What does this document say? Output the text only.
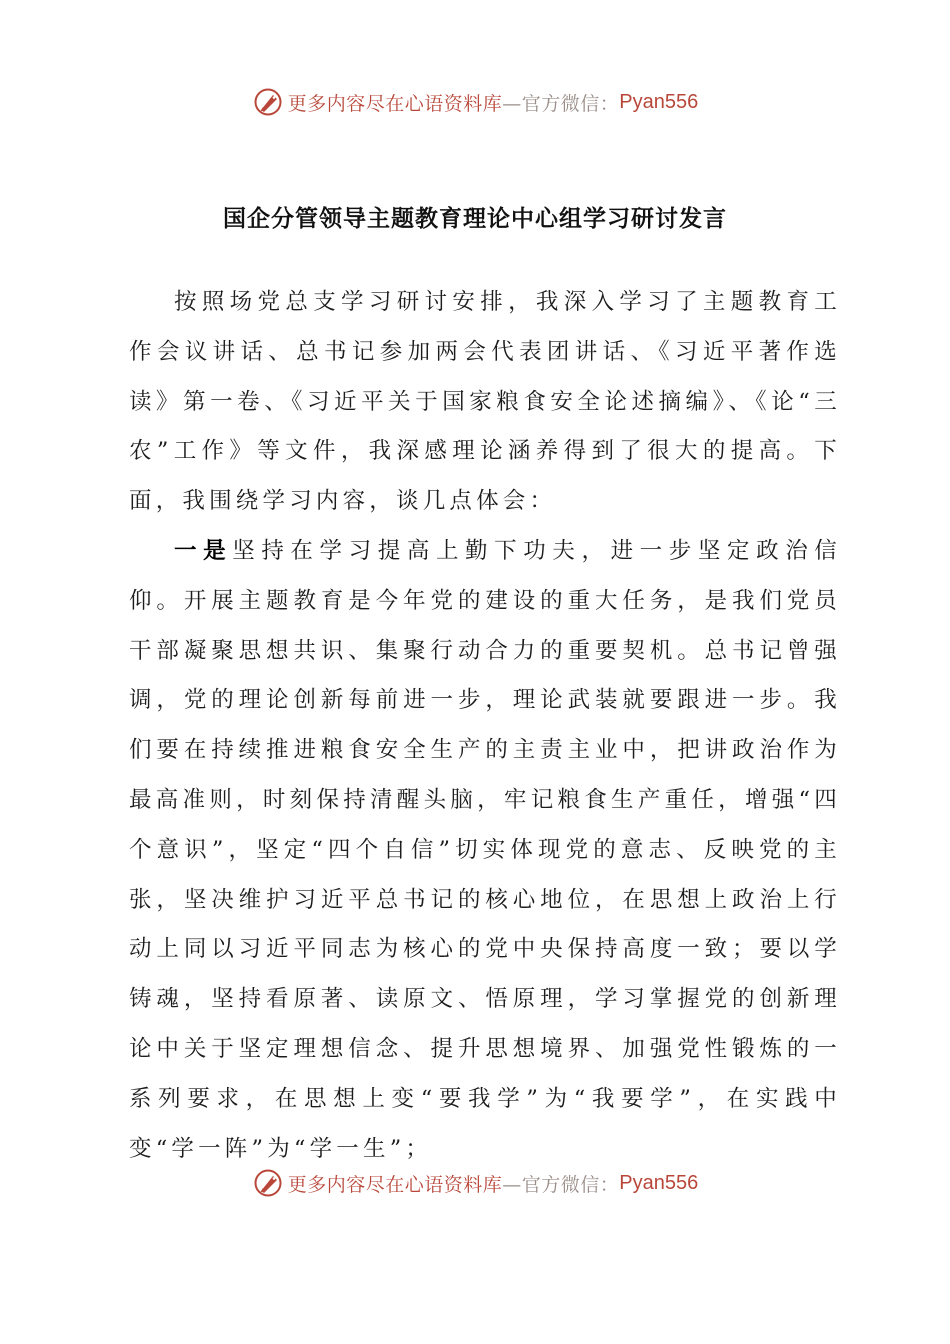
更多内容尽在心语资料库 —官方微信： Pyan556
国企分管领导主题教育理论中心组学习研讨发言

按照场党总支学习研讨安排，我深入学习了主题教育工作会议讲话、总书记参加两会代表团讲话、《习近平著作选读》第一卷、《习近平关于国家粮食安全论述摘编》、《论“三农”工作》等文件，我深感理论涵养得到了很大的提高。下面，我围绕学习内容，谈几点体会：

一是坚持在学习提高上勤下功夫，进一步坚定政治信仰。开展主题教育是今年党的建设的重大任务，是我们党员干部凝聚思想共识、集聚行动合力的重要契机。总书记曾强调，党的理论创新每前进一步，理论武装就要跟进一步。我们要在持续推进粮食安全生产的主责主业中，把讲政治作为最高准则，时刻保持清醒头脑，牢记粮食生产重任，增强“四个意识”，坚定“四个自信”切实体现党的意志、反映党的主张，坚决维护习近平总书记的核心地位，在思想上政治上行动上同以习近平同志为核心的党中央保持高度一致；要以学铸魂，坚持看原著、读原文、悟原理，学习掌握党的创新理论中关于坚定理想信念、提升思想境界、加强党性锻炼的一系列要求，在思想上变“要我学”为“我要学”，在实践中变“学一阵”为“学一生”；

更多内容尽在心语资料库 —官方微信： Pyan556
